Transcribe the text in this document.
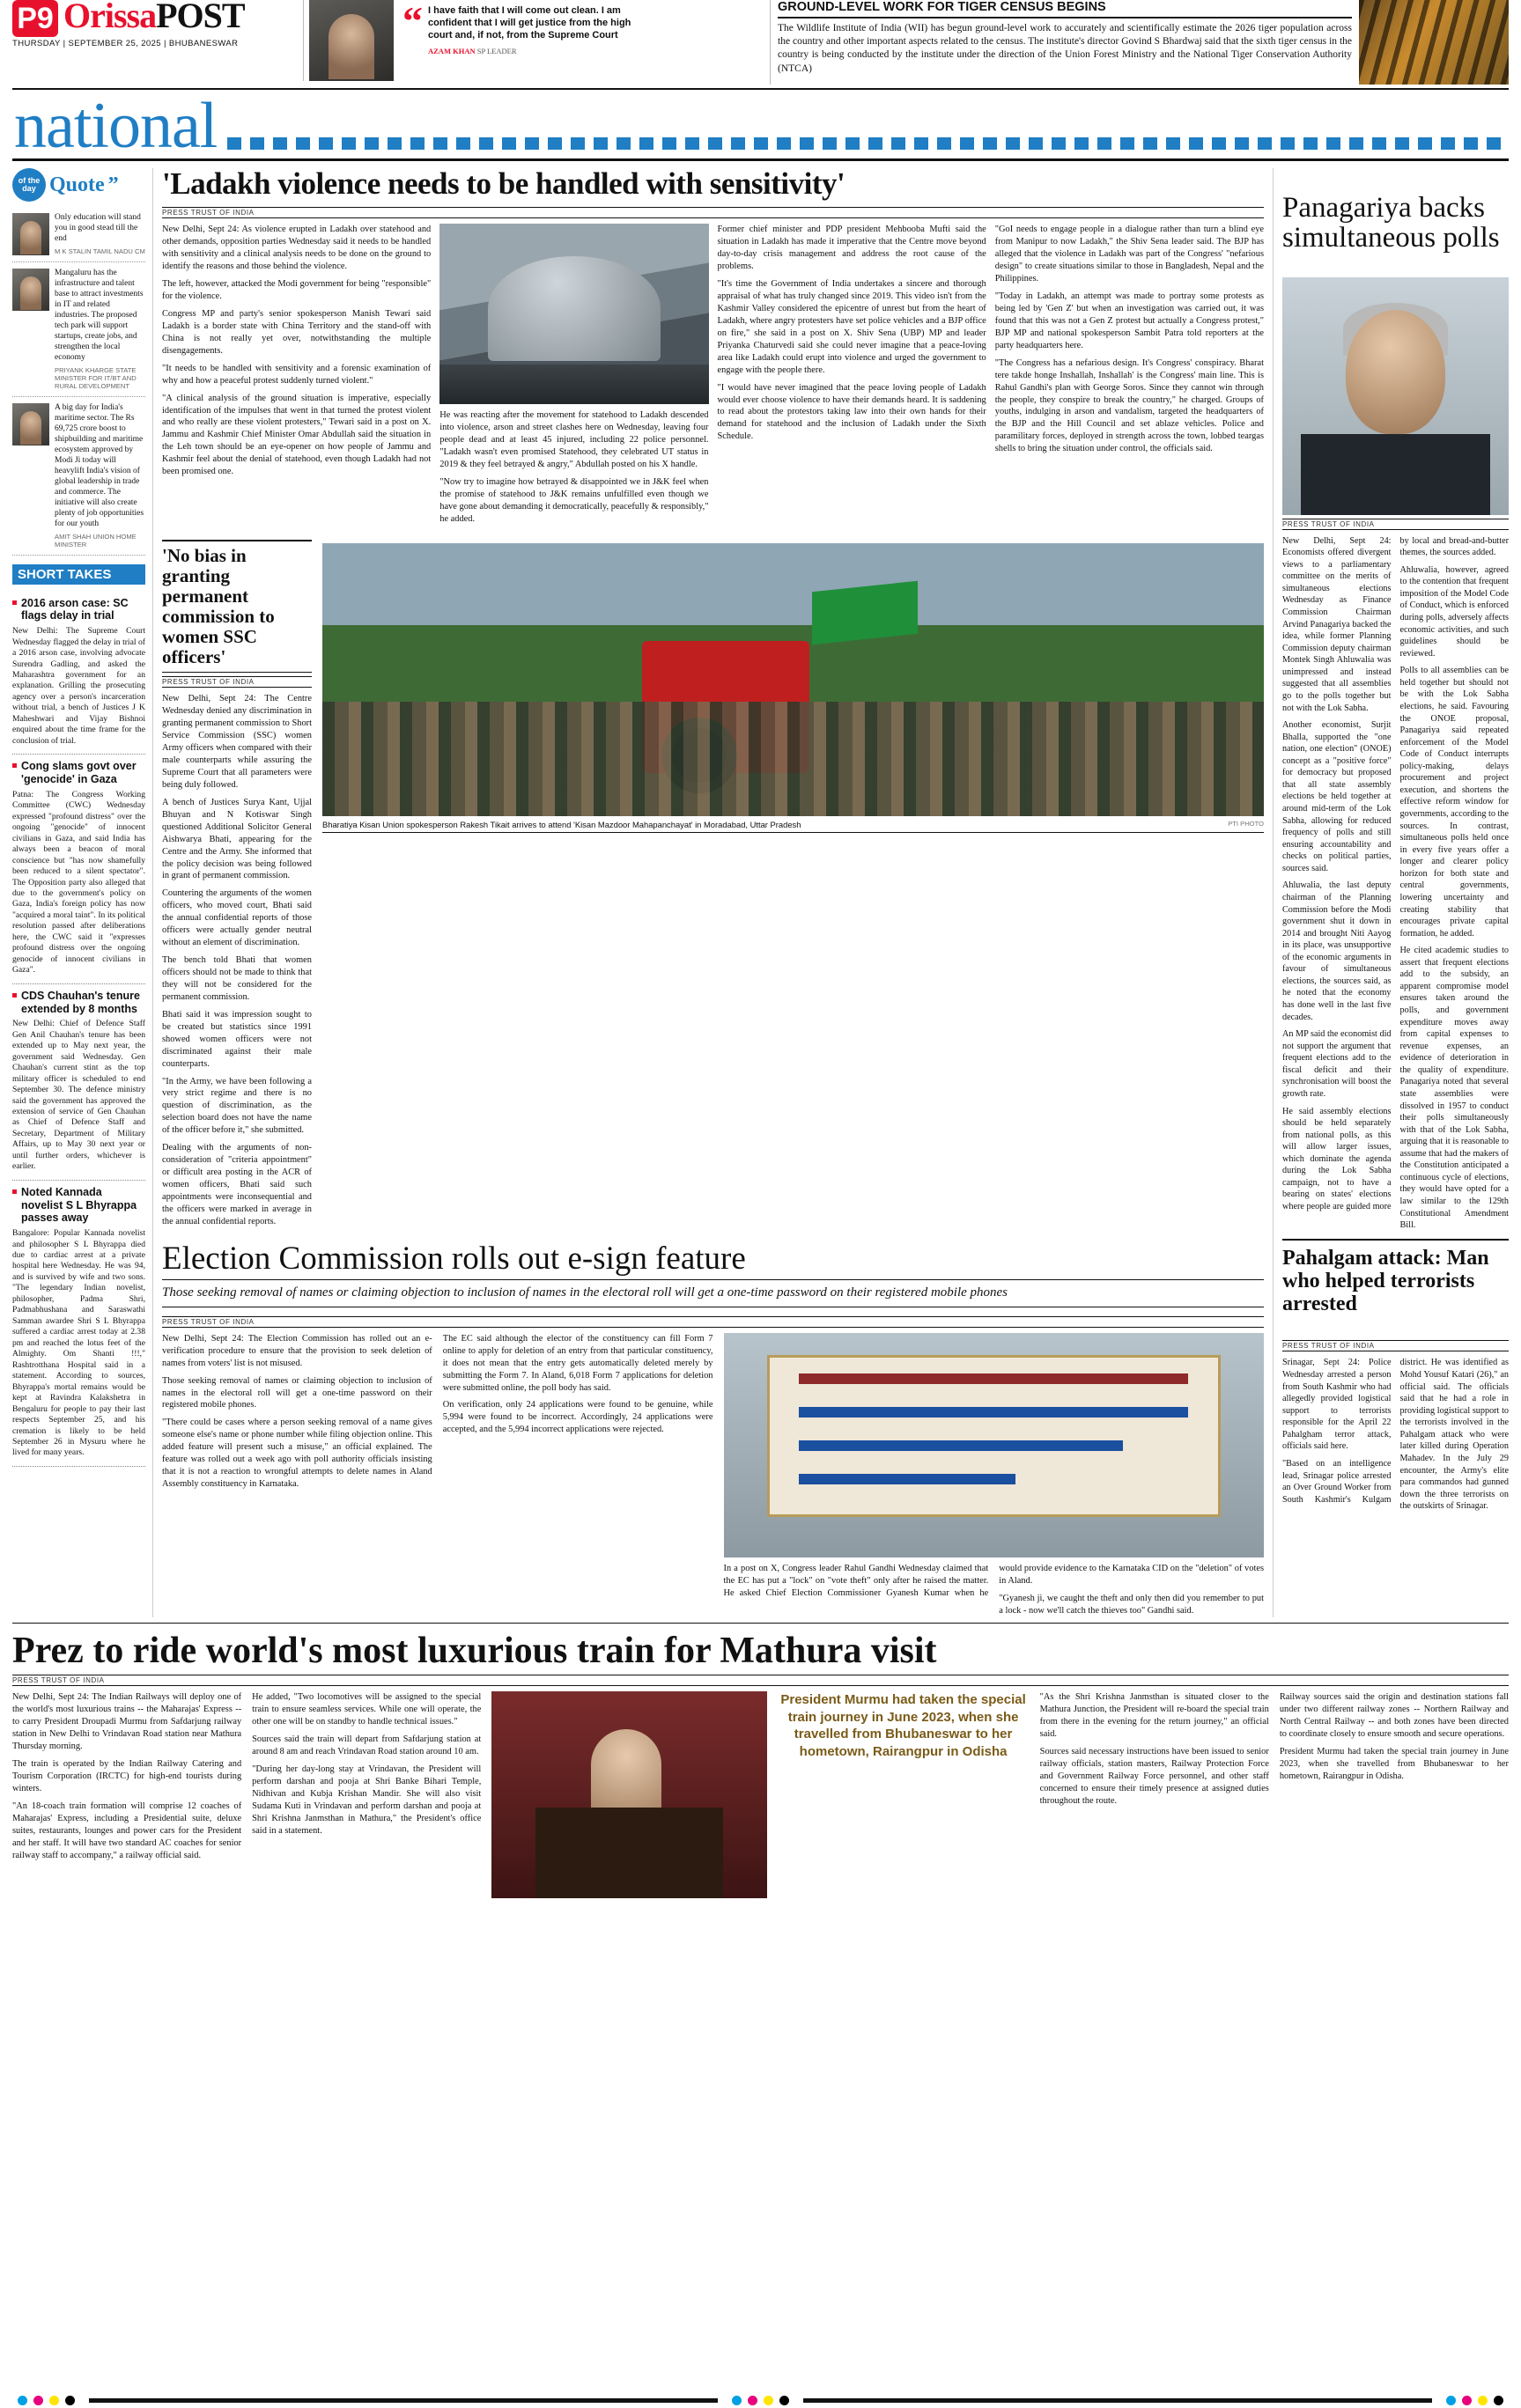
P9 OrissaPOST
THURSDAY | SEPTEMBER 25, 2025 | BHUBANESWAR
“ I have faith that I will come out clean. I am confident that I will get justice from the high court and, if not, from the Supreme Court
AZAM KHAN SP LEADER
GROUND-LEVEL WORK FOR TIGER CENSUS BEGINS
The Wildlife Institute of India (WII) has begun ground-level work to accurately and scientifically estimate the 2026 tiger population across the country and other important aspects related to the census. The institute's director Govind S Bhardwaj said that the sixth tiger census in the country is being conducted by the institute under the direction of the Union Forest Ministry and the National Tiger Conservation Authority (NTCA)
national
of the
day Quote ”
Only education will stand you in good stead till the end
M K STALIN TAMIL NADU CM
Mangaluru has the infrastructure and talent base to attract investments in IT and related industries. The proposed tech park will support startups, create jobs, and strengthen the local economy
PRIYANK KHARGE STATE MINISTER FOR IT/BT AND RURAL DEVELOPMENT
A big day for India's maritime sector. The Rs 69,725 crore boost to shipbuilding and maritime ecosystem approved by Modi Ji today will heavylift India's vision of global leadership in trade and commerce. The initiative will also create plenty of job opportunities for our youth
AMIT SHAH UNION HOME MINISTER
SHORT TAKES
2016 arson case: SC flags delay in trial
New Delhi: The Supreme Court Wednesday flagged the delay in trial of a 2016 arson case, involving advocate Surendra Gadling, and asked the Maharashtra government for an explanation. Grilling the prosecuting agency over a person's incarceration without trial, a bench of Justices J K Maheshwari and Vijay Bishnoi enquired about the time frame for the conclusion of trial.
Cong slams govt over 'genocide' in Gaza
Patna: The Congress Working Committee (CWC) Wednesday expressed "profound distress" over the ongoing "genocide" of innocent civilians in Gaza, and said India has always been a beacon of moral conscience but "has now shamefully been reduced to a silent spectator". The Opposition party also alleged that due to the government's policy on Gaza, India's foreign policy has now "acquired a moral taint". In its political resolution passed after deliberations here, the CWC said it "expresses profound distress over the ongoing genocide of innocent civilians in Gaza".
CDS Chauhan's tenure extended by 8 months
New Delhi: Chief of Defence Staff Gen Anil Chauhan's tenure has been extended up to May next year, the government said Wednesday. Gen Chauhan's current stint as the top military officer is scheduled to end September 30. The defence ministry said the government has approved the extension of service of Gen Chauhan as Chief of Defence Staff and Secretary, Department of Military Affairs, up to May 30 next year or until further orders, whichever is earlier.
Noted Kannada novelist S L Bhyrappa passes away
Bangalore: Popular Kannada novelist and philosopher S L Bhyrappa died due to cardiac arrest at a private hospital here Wednesday. He was 94, and is survived by wife and two sons. "The legendary Indian novelist, philosopher, Padma Shri, Padmabhushana and Saraswathi Samman awardee Shri S L Bhyrappa suffered a cardiac arrest today at 2.38 pm and reached the lotus feet of the Almighty. Om Shanti !!!," Rashtrotthana Hospital said in a statement. According to sources, Bhyrappa's mortal remains would be kept at Ravindra Kalakshetra in Bengaluru for people to pay their last respects September 25, and his cremation is likely to be held September 26 in Mysuru where he lived for many years.
'Ladakh violence needs to be handled with sensitivity'
PRESS TRUST OF INDIA

New Delhi, Sept 24: As violence erupted in Ladakh over statehood and other demands, opposition parties Wednesday said it needs to be handled with sensitivity and a clinical analysis needs to be done on the ground to identify the reasons and those behind the violence.

The left, however, attacked the Modi government for being "responsible" for the violence.

Congress MP and party's senior spokesperson Manish Tewari said Ladakh is a border state with China Territory and the stand-off with China is not really yet over, notwithstanding the multiple disengagements.

"It needs to be handled with sensitivity and a forensic examination of why and how a peaceful protest suddenly turned violent."

"A clinical analysis of the ground situation is imperative, especially identification of the impulses that went in that turned the protest violent and who really are these violent protesters," Tewari said in a post on X. Jammu and Kashmir Chief Minister Omar Abdullah said the situation in the Leh town should be an eye-opener on how people of Jammu and Kashmir feel about the denial of statehood, even though Ladakh had not been promised one.

He was reacting after the movement for statehood to Ladakh descended into violence, arson and street clashes here on Wednesday, leaving four people dead and at least 45 injured, including 22 police personnel. "Ladakh wasn't even promised Statehood, they celebrated UT status in 2019 & they feel betrayed & angry," Abdullah posted on his X handle.

"Now try to imagine how betrayed & disappointed we in J&K feel when the promise of statehood to J&K remains unfulfilled even though we have gone about demanding it democratically, peacefully & responsibly," he added.

Former chief minister and PDP president Mehbooba Mufti said the situation in Ladakh has made it imperative that the Centre move beyond day-to-day crisis management and address the root cause of the problems.

"It's time the Government of India undertakes a sincere and thorough appraisal of what has truly changed since 2019. This video isn't from the Kashmir Valley considered the epicentre of unrest but from the heart of Ladakh, where angry protesters have set police vehicles and a BJP office on fire," she said in a post on X. Shiv Sena (UBP) MP and leader Priyanka Chaturvedi said she could never imagine that a peace-loving area like Ladakh could erupt into violence and urged the government to engage with the people there.

"I would have never imagined that the peace loving people of Ladakh would ever choose violence to have their demands heard. It is saddening to read about the protestors taking law into their own hands for their demand for statehood and the inclusion of Ladakh under the Sixth Schedule.

"GoI needs to engage people in a dialogue rather than turn a blind eye from Manipur to now Ladakh," the Shiv Sena leader said. The BJP has alleged that the violence in Ladakh was part of the Congress' "nefarious design" to create situations similar to those in Bangladesh, Nepal and the Philippines.

"Today in Ladakh, an attempt was made to portray some protests as being led by 'Gen Z' but when an investigation was carried out, it was found that this was not a Gen Z protest but actually a Congress protest," BJP MP and national spokesperson Sambit Patra told reporters at the party headquarters here.

"The Congress has a nefarious design. It's Congress' conspiracy. Bharat tere takde honge Inshallah, Inshallah' is the Congress' main line. This is Rahul Gandhi's plan with George Soros. Since they cannot win through the people, they conspire to break the country," he charged. Groups of youths, indulging in arson and vandalism, targeted the headquarters of the BJP and the Hill Council and set ablaze vehicles. Police and paramilitary forces, deployed in strength across the town, lobbed teargas shells to bring the situation under control, the officials said.

'No bias in granting permanent commission to women SSC officers'
PRESS TRUST OF INDIA

New Delhi, Sept 24: The Centre Wednesday denied any discrimination in granting permanent commission to Short Service Commission (SSC) women Army officers when compared with their male counterparts while assuring the Supreme Court that all parameters were being duly followed.

A bench of Justices Surya Kant, Ujjal Bhuyan and N Kotiswar Singh questioned Additional Solicitor General Aishwarya Bhati, appearing for the Centre and the Army. She informed that the policy decision was being followed in grant of permanent commission.

Countering the arguments of the women officers, who moved court, Bhati said the annual confidential reports of those officers were actually gender neutral without an element of discrimination.

The bench told Bhati that women officers should not be made to think that they will not be considered for the permanent commission.

Bhati said it was impression sought to be created but statistics since 1991 showed women officers were not discriminated against their male counterparts.

"In the Army, we have been following a very strict regime and there is no question of discrimination, as the selection board does not have the name of the officer before it," she submitted.

Dealing with the arguments of non-consideration of "criteria appointment" or difficult area posting in the ACR of women officers, Bhati said such appointments were inconsequential and the officers were marked in average in the annual confidential reports.

Bharatiya Kisan Union spokesperson Rakesh Tikait arrives to attend 'Kisan Mazdoor Mahapanchayat' in Moradabad, Uttar Pradesh	PTI PHOTO
Election Commission rolls out e-sign feature
Those seeking removal of names or claiming objection to inclusion of names in the electoral roll will get a one-time password on their registered mobile phones
PRESS TRUST OF INDIA

New Delhi, Sept 24: The Election Commission has rolled out an e-verification procedure to ensure that the provision to seek deletion of names from voters' list is not misused.

Those seeking removal of names or claiming objection to inclusion of names in the electoral roll will get a one-time password on their registered mobile phones.

"There could be cases where a person seeking removal of a name gives someone else's name or phone number while filing objection online. This added feature will present such a misuse," an official explained. The feature was rolled out a week ago with poll authority officials insisting that it is not a reaction to wrongful attempts to delete names in Aland Assembly constituency in Karnataka.

The EC said although the elector of the constituency can fill Form 7 online to apply for deletion of an entry from that particular constituency, it does not mean that the entry gets automatically deleted merely by submitting the Form 7. In Aland, 6,018 Form 7 applications for deletion were submitted online, the poll body has said.

On verification, only 24 applications were found to be genuine, while 5,994 were found to be incorrect. Accordingly, 24 applications were accepted, and the 5,994 incorrect applications were rejected.

In a post on X, Congress leader Rahul Gandhi Wednesday claimed that the EC has put a "lock" on "vote theft" only after he raised the matter. He asked Chief Election Commissioner Gyanesh Kumar when he would provide evidence to the Karnataka CID on the "deletion" of votes in Aland.

"Gyanesh ji, we caught the theft and only then did you remember to put a lock - now we'll catch the thieves too" Gandhi said.

Panagariya backs simultaneous polls
PRESS TRUST OF INDIA

New Delhi, Sept 24: Economists offered divergent views to a parliamentary committee on the merits of simultaneous elections Wednesday as Finance Commission Chairman Arvind Panagariya backed the idea, while former Planning Commission deputy chairman Montek Singh Ahluwalia was unimpressed and instead suggested that all assemblies go to the polls together but not with the Lok Sabha.

Another economist, Surjit Bhalla, supported the "one nation, one election" (ONOE) concept as a "positive force" for democracy but proposed that all state assembly elections be held together at around mid-term of the Lok Sabha, allowing for reduced frequency of polls and still ensuring accountability and checks on political parties, sources said.

Ahluwalia, the last deputy chairman of the Planning Commission before the Modi government shut it down in 2014 and brought Niti Aayog in its place, was unsupportive of the economic arguments in favour of simultaneous elections, the sources said, as he noted that the economy has done well in the last five decades.

An MP said the economist did not support the argument that frequent elections add to the fiscal deficit and their synchronisation will boost the growth rate.

He said assembly elections should be held separately from national polls, as this will allow larger issues, which dominate the agenda during the Lok Sabha campaign, not to have a bearing on states' elections where people are guided more by local and bread-and-butter themes, the sources added.

Ahluwalia, however, agreed to the contention that frequent imposition of the Model Code of Conduct, which is enforced during polls, adversely affects economic activities, and such guidelines should be reviewed.

Polls to all assemblies can be held together but should not be with the Lok Sabha elections, he said. Favouring the ONOE proposal, Panagariya said repeated enforcement of the Model Code of Conduct interrupts policy-making, delays procurement and project execution, and shortens the effective reform window for governments, according to the sources. In contrast, simultaneous polls held once in every five years offer a longer and clearer policy horizon for both state and central governments, lowering uncertainty and creating stability that encourages private capital formation, he added.

He cited academic studies to assert that frequent elections add to the subsidy, an apparent compromise model ensures taken around the polls, and government expenditure moves away from capital expenses to revenue expenses, an evidence of deterioration in the quality of expenditure. Panagariya noted that several state assemblies were dissolved in 1957 to conduct their polls simultaneously with that of the Lok Sabha, arguing that it is reasonable to assume that had the makers of the Constitution anticipated a continuous cycle of elections, they would have opted for a law similar to the 129th Constitutional Amendment Bill.

Pahalgam attack: Man who helped terrorists arrested
PRESS TRUST OF INDIA

Srinagar, Sept 24: Police Wednesday arrested a person from South Kashmir who had allegedly provided logistical support to terrorists responsible for the April 22 Pahalgham terror attack, officials said here.

"Based on an intelligence lead, Srinagar police arrested an Over Ground Worker from South Kashmir's Kulgam district. He was identified as Mohd Yousuf Katari (26)," an official said. The officials said that he had a role in providing logistical support to the terrorists involved in the Pahalgam attack who were later killed during Operation Mahadev. In the July 29 encounter, the Army's elite para commandos had gunned down the three terrorists on the outskirts of Srinagar.

Prez to ride world's most luxurious train for Mathura visit
PRESS TRUST OF INDIA

New Delhi, Sept 24: The Indian Railways will deploy one of the world's most luxurious trains -- the Maharajas' Express -- to carry President Droupadi Murmu from Safdarjung railway station in New Delhi to Vrindavan Road station near Mathura Thursday morning.

The train is operated by the Indian Railway Catering and Tourism Corporation (IRCTC) for high-end tourists during winters.

"An 18-coach train formation will comprise 12 coaches of Maharajas' Express, including a Presidential suite, deluxe suites, restaurants, lounges and power cars for the President and her staff. It will have two standard AC coaches for senior railway staff to accompany," a railway official said.

He added, "Two locomotives will be assigned to the special train to ensure seamless services. While one will operate, the other one will be on standby to handle technical issues."

Sources said the train will depart from Safdarjung station at around 8 am and reach Vrindavan Road station around 10 am.

"During her day-long stay at Vrindavan, the President will perform darshan and pooja at Shri Banke Bihari Temple, Nidhivan and Kubja Krishan Mandir. She will also visit Sudama Kuti in Vrindavan and perform darshan and pooja at Shri Krishna Janmsthan in Mathura," the President's office said in a statement.

President Murmu had taken the special train journey in June 2023, when she travelled from Bhubaneswar to her hometown, Rairangpur in Odisha

"As the Shri Krishna Janmsthan is situated closer to the Mathura Junction, the President will re-board the special train from there in the evening for the return journey," an official said.

Sources said necessary instructions have been issued to senior railway officials, station masters, Railway Protection Force and Government Railway Force personnel, and other staff concerned to ensure their timely presence at assigned duties throughout the route.

Railway sources said the origin and destination stations fall under two different railway zones -- Northern Railway and North Central Railway -- and both zones have been directed to coordinate closely to ensure smooth and secure operations.

President Murmu had taken the special train journey in June 2023, when she travelled from Bhubaneswar to her hometown, Rairangpur in Odisha.
